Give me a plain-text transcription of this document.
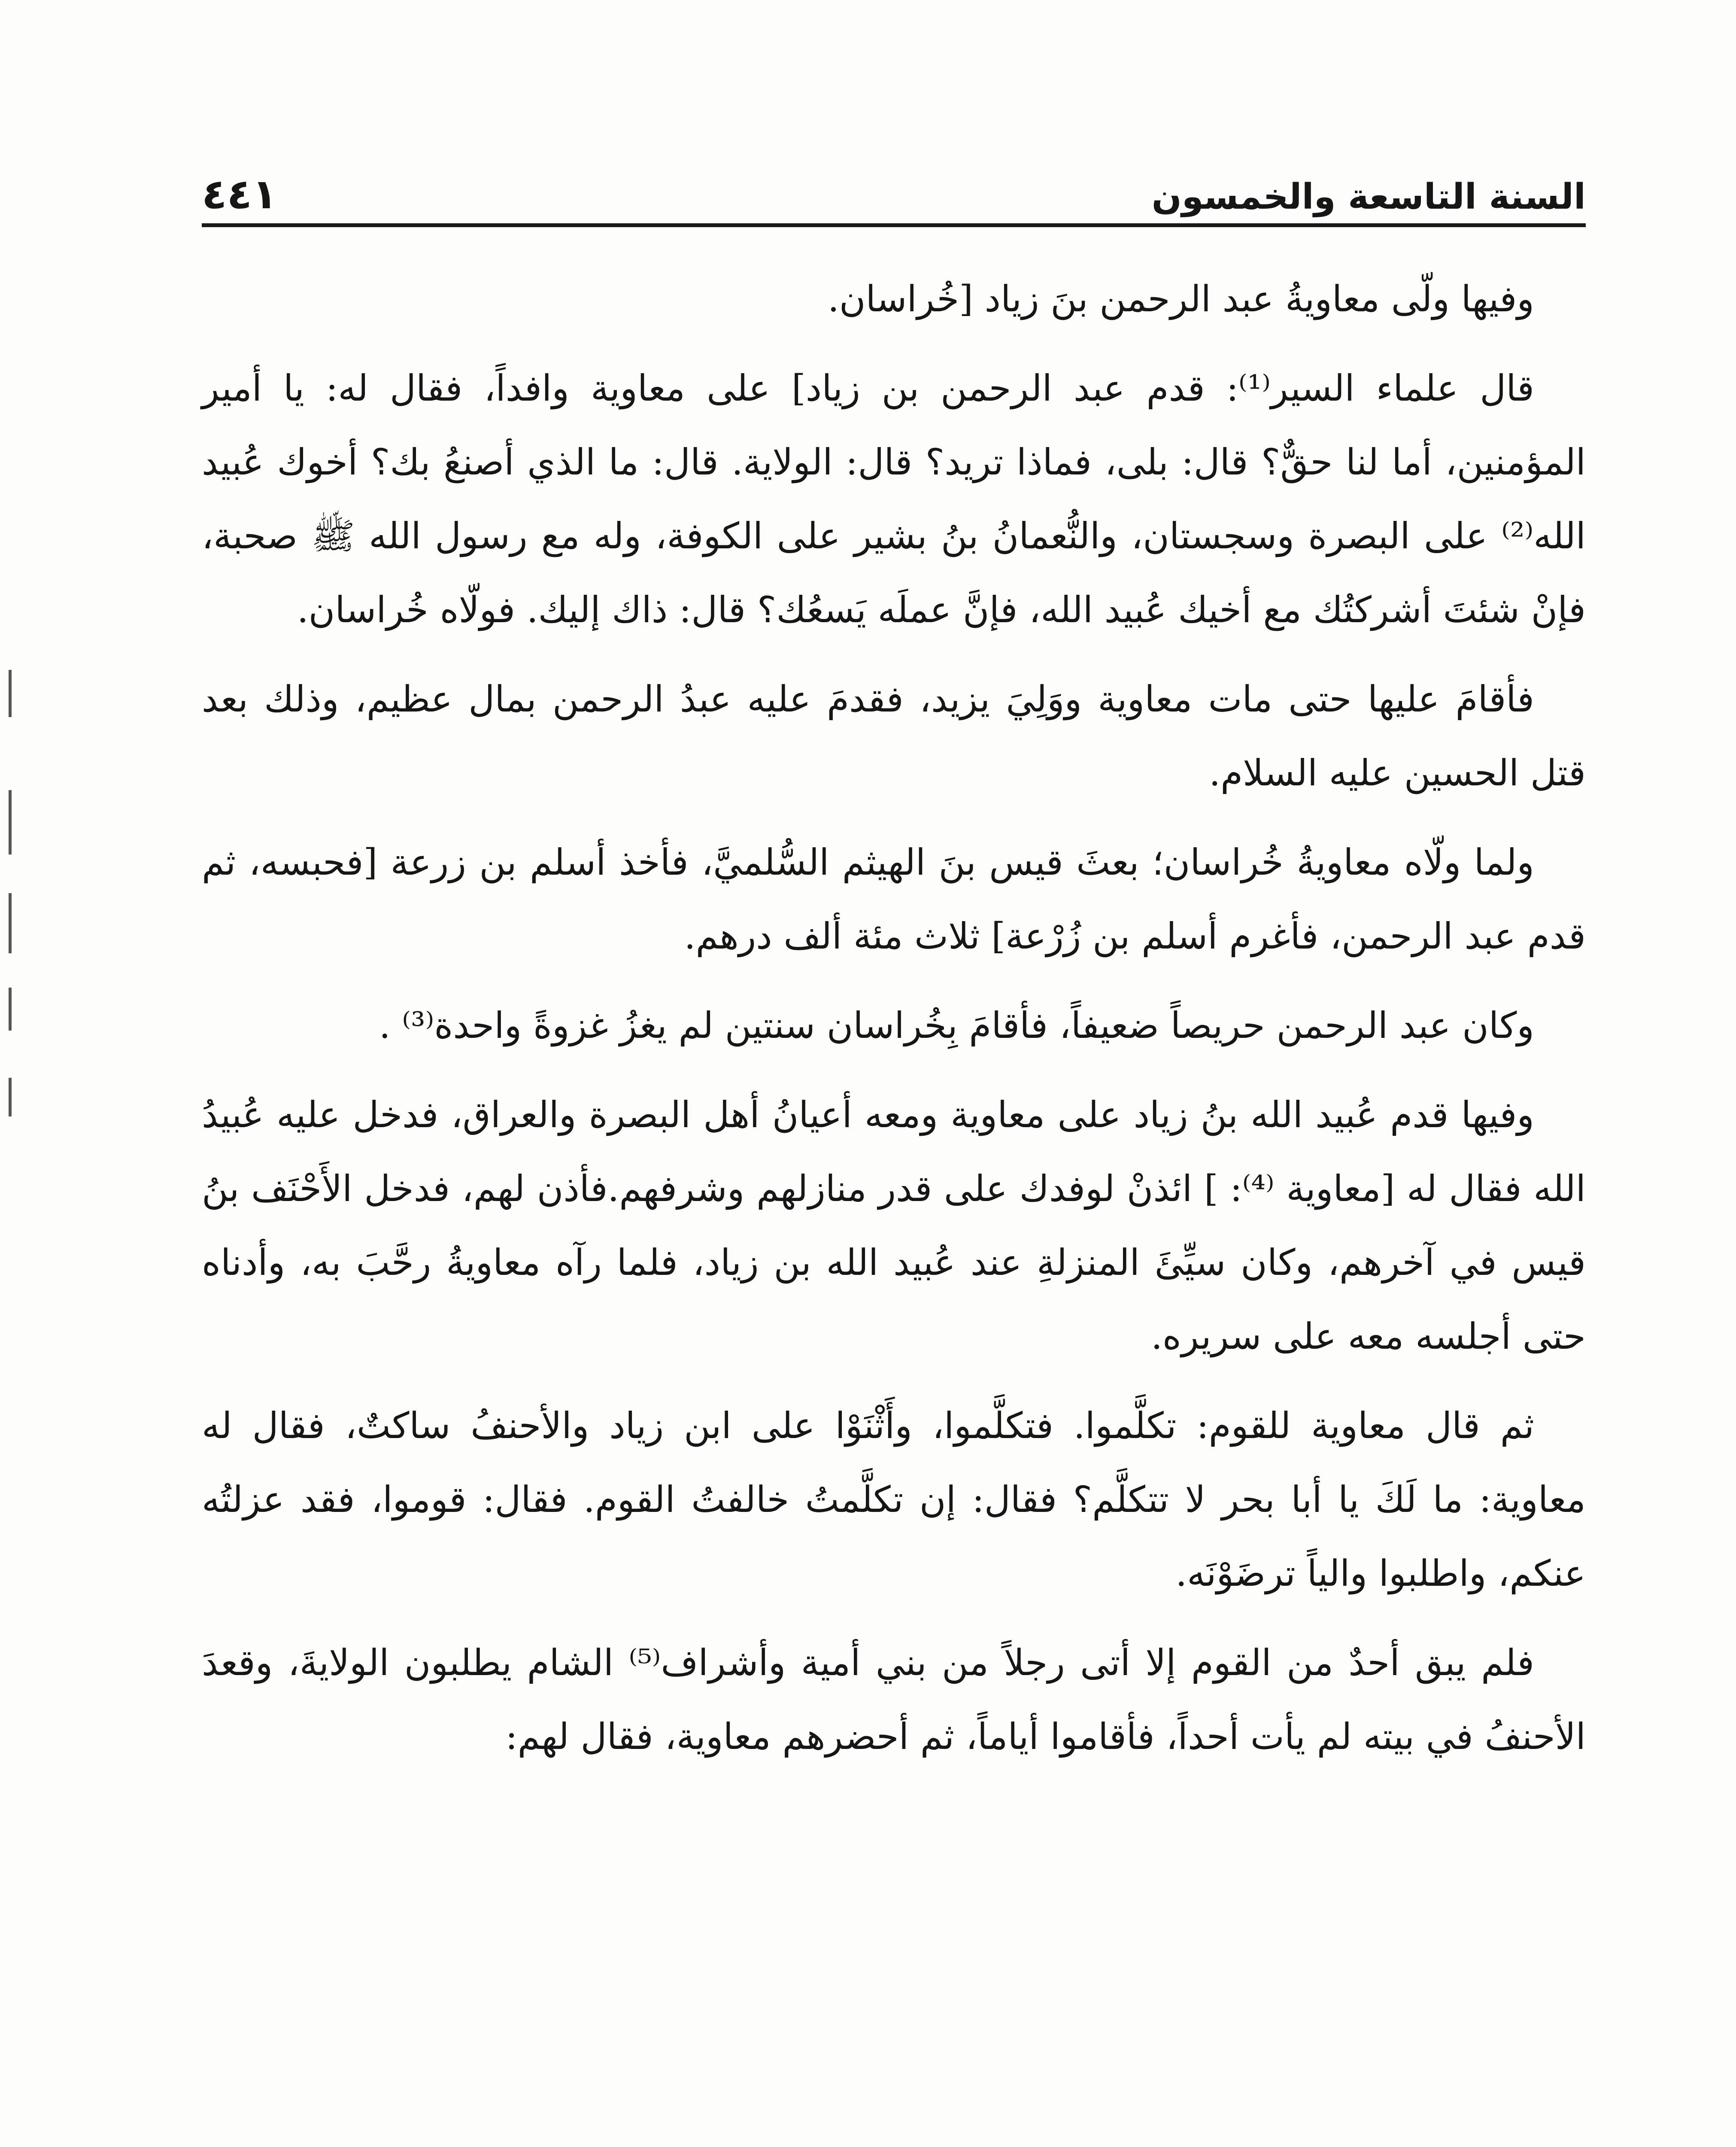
السنة التاسعة والخمسون
٤٤١

وفيها ولّى معاويةُ عبد الرحمن بنَ زياد [خُراسان.

قال علماء السير⁽¹⁾: قدم عبد الرحمن بن زياد] على معاوية وافداً، فقال له: يا أمير المؤمنين، أما لنا حقٌّ؟ قال: بلى، فماذا تريد؟ قال: الولاية. قال: ما الذي أصنعُ بك؟ أخوك عُبيد الله⁽²⁾ على البصرة وسجستان، والنُّعمانُ بنُ بشير على الكوفة، وله مع رسول الله ﷺ صحبة، فإنْ شئتَ أشركتُك مع أخيك عُبيد الله، فإنَّ عملَه يَسعُك؟ قال: ذاك إليك. فولّاه خُراسان.

فأقامَ عليها حتى مات معاوية ووَلِيَ يزيد، فقدمَ عليه عبدُ الرحمن بمال عظيم، وذلك بعد قتل الحسين عليه السلام.

ولما ولّاه معاويةُ خُراسان؛ بعثَ قيس بنَ الهيثم السُّلميَّ، فأخذ أسلم بن زرعة [فحبسه، ثم قدم عبد الرحمن، فأغرم أسلم بن زُرْعة] ثلاث مئة ألف درهم.

وكان عبد الرحمن حريصاً ضعيفاً، فأقامَ بِخُراسان سنتين لم يغزُ غزوةً واحدة⁽³⁾ .

وفيها قدم عُبيد الله بنُ زياد على معاوية ومعه أعيانُ أهل البصرة والعراق، فدخل عليه عُبيدُ الله فقال له [معاوية ⁽⁴⁾: ] ائذنْ لوفدك على قدر منازلهم وشرفهم.فأذن لهم، فدخل الأَحْنَف بنُ قيس في آخرهم، وكان سيِّئَ المنزلةِ عند عُبيد الله بن زياد، فلما رآه معاويةُ رحَّبَ به، وأدناه حتى أجلسه معه على سريره.

ثم قال معاوية للقوم: تكلَّموا. فتكلَّموا، وأَثْنَوْا على ابن زياد والأحنفُ ساكتٌ، فقال له معاوية: ما لَكَ يا أبا بحر لا تتكلَّم؟ فقال: إن تكلَّمتُ خالفتُ القوم. فقال: قوموا، فقد عزلتُه عنكم، واطلبوا والياً ترضَوْنَه.

فلم يبق أحدٌ من القوم إلا أتى رجلاً من بني أمية وأشراف⁽⁵⁾ الشام يطلبون الولايةَ، وقعدَ الأحنفُ في بيته لم يأت أحداً، فأقاموا أياماً، ثم أحضرهم معاوية، فقال لهم:
